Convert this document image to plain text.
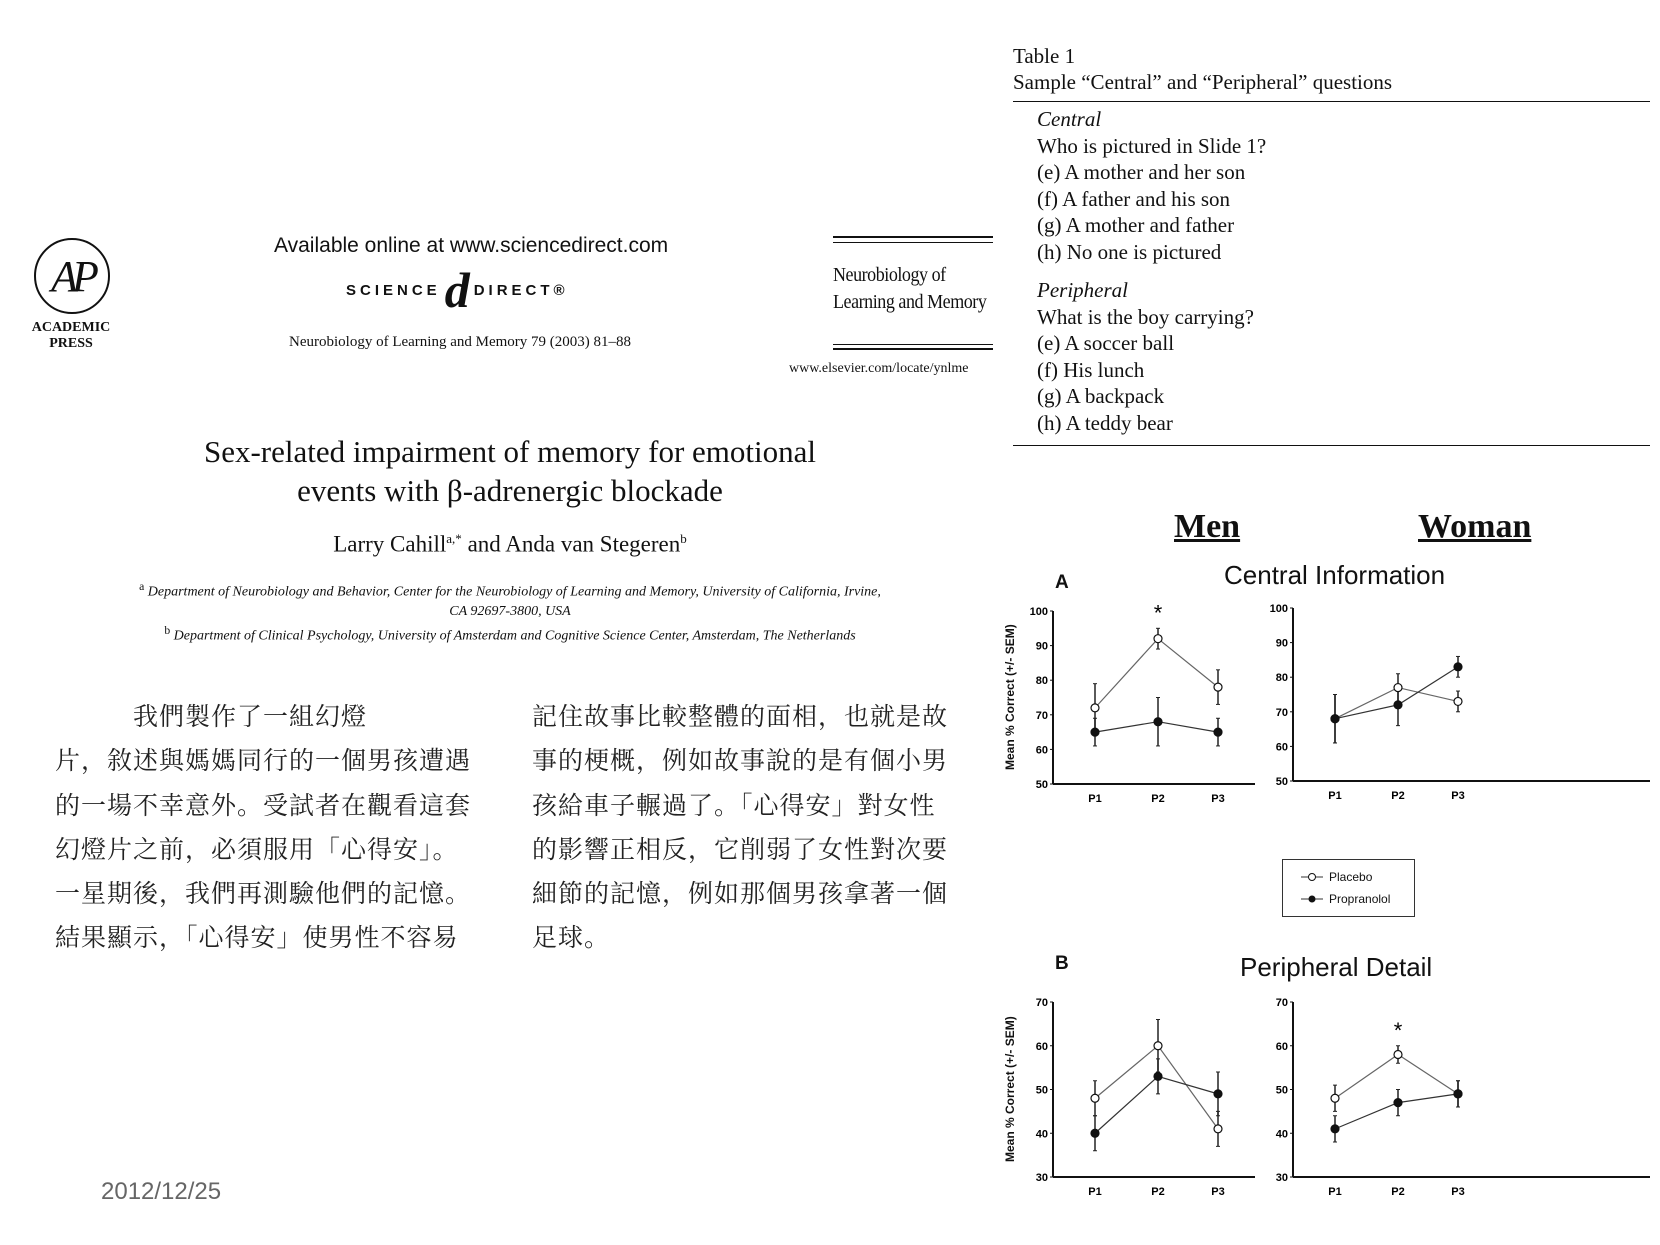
AP
ACADEMIC
PRESS
Available online at www.sciencedirect.com
SCIENCE d DIRECT®
Neurobiology of Learning and Memory 79 (2003) 81–88
Neurobiology of
Learning and Memory
www.elsevier.com/locate/ynlme
Sex-related impairment of memory for emotional
events with β-adrenergic blockade
Larry Cahill$^{a,*}$ and Anda van Stegeren$^b$
$^a$ Department of Neurobiology and Behavior, Center for the Neurobiology of Learning and Memory, University of California, Irvine,
CA 92697-3800, USA
$^b$ Department of Clinical Psychology, University of Amsterdam and Cognitive Science Center, Amsterdam, The Netherlands
　　　我們製作了一組幻燈
片，敘述與媽媽同行的一個男孩遭遇
的一場不幸意外。受試者在觀看這套
幻燈片之前，必須服用「心得安」。
一星期後，我們再測驗他們的記憶。
結果顯示，「心得安」使男性不容易
記住故事比較整體的面相，也就是故
事的梗概，例如故事說的是有個小男
孩給車子輾過了。「心得安」對女性
的影響正相反，它削弱了女性對次要
細節的記憶，例如那個男孩拿著一個
足球。
2012/12/25
Table 1
Sample “Central” and “Peripheral” questions
Central
Who is pictured in Slide 1?
(e) A mother and her son
(f) A father and his son
(g) A mother and father
(h) No one is pictured
Peripheral
What is the boy carrying?
(e) A soccer ball
(f) His lunch
(g) A backpack
(h) A teddy bear
Men	Woman
A	Central Information
B	Peripheral Detail
Mean % Correct (+/- SEM)
Mean % Correct (+/- SEM)
Placebo
Propranolol
50
60
70
80
90
100
P1	P2	P3
*
50
60
70
80
90
100
P1	P2	P3
30
40
50
60
70
P1	P2	P3
30
40
50
60
70
P1	P2	P3
*
